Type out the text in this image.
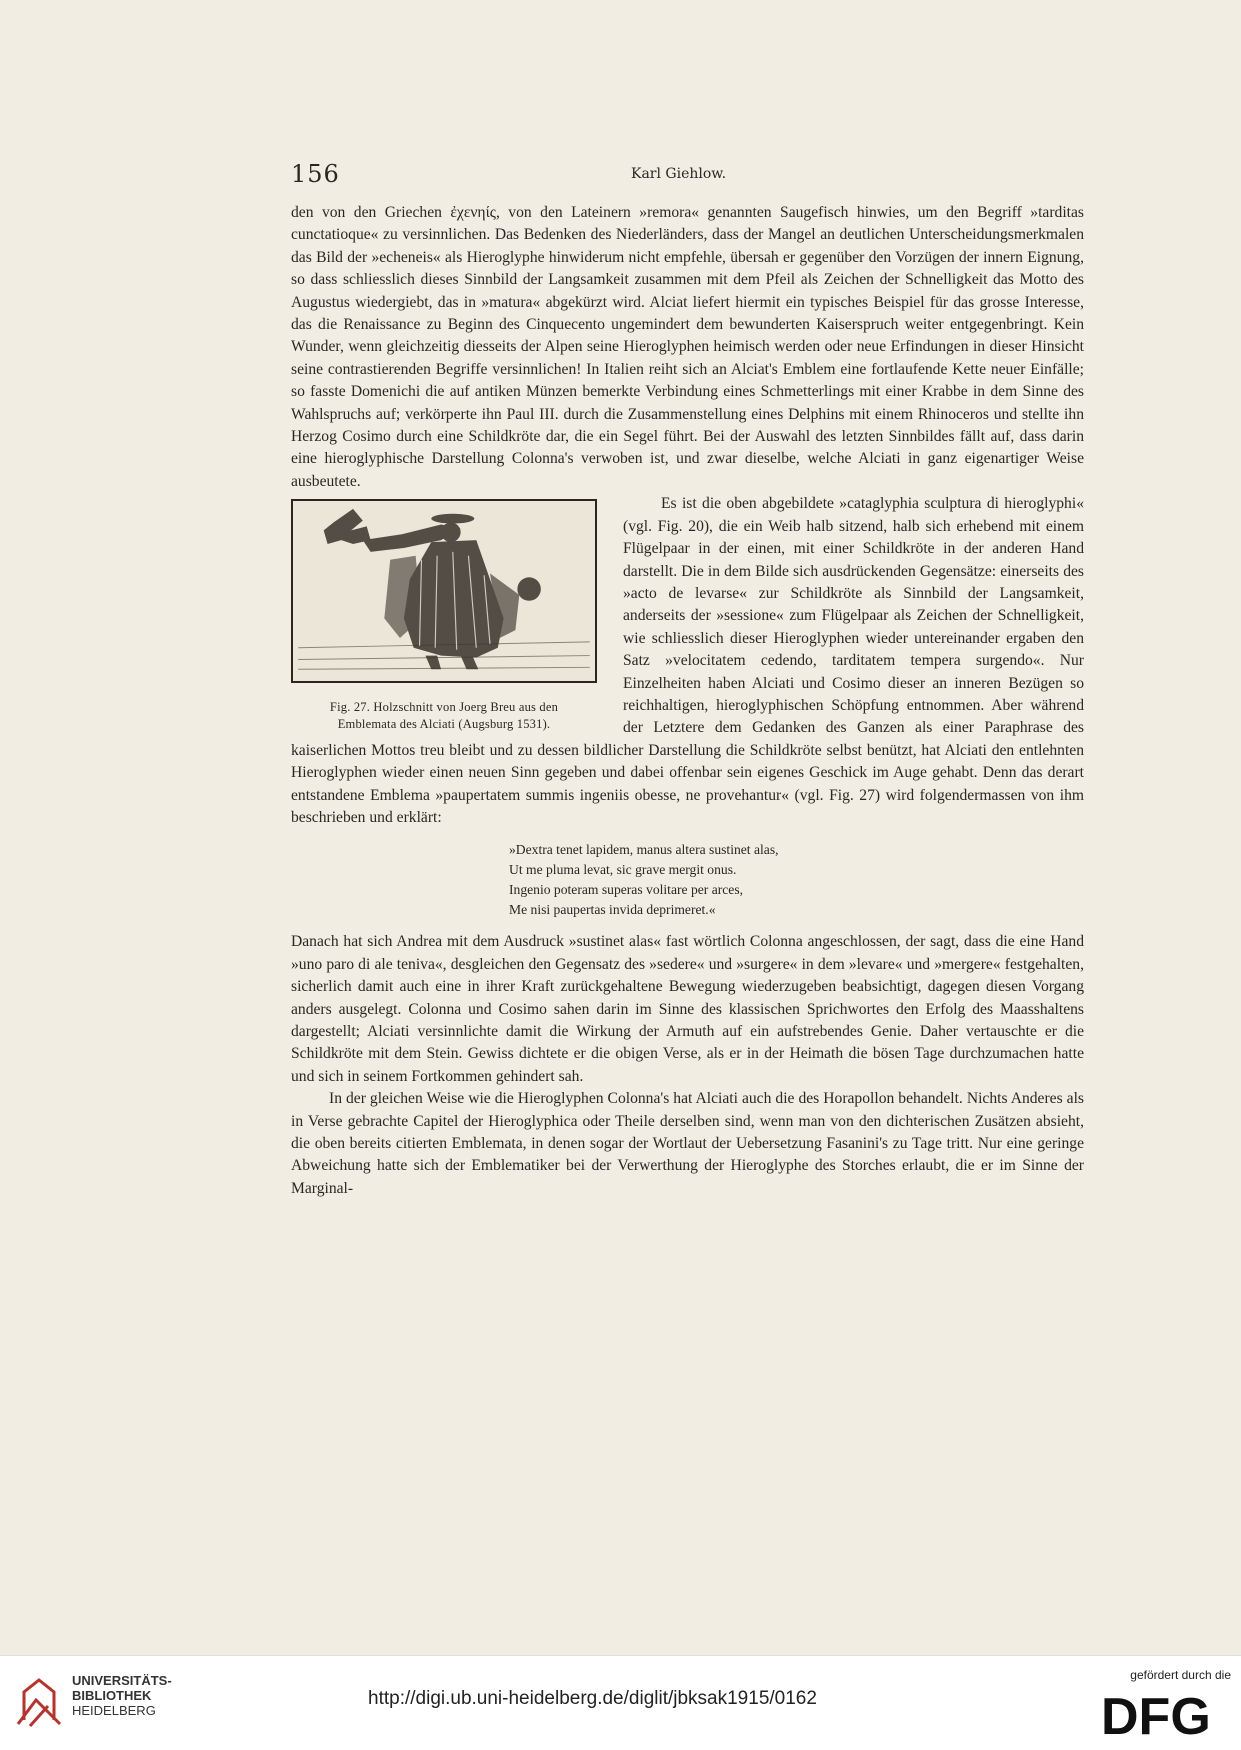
156	Karl Giehlow.

den von den Griechen ἐχενηίς, von den Lateinern »remora« genannten Saugefisch hinwies, um den Begriff »tarditas cunctatioque« zu versinnlichen. Das Bedenken des Niederländers, dass der Mangel an deutlichen Unterscheidungsmerkmalen das Bild der »echeneis« als Hieroglyphe hinwiderum nicht empfehle, übersah er gegenüber den Vorzügen der innern Eignung, so dass schliesslich dieses Sinnbild der Langsamkeit zusammen mit dem Pfeil als Zeichen der Schnelligkeit das Motto des Augustus wiedergiebt, das in »matura« abgekürzt wird. Alciat liefert hiermit ein typisches Beispiel für das grosse Interesse, das die Renaissance zu Beginn des Cinquecento ungemindert dem bewunderten Kaiserspruch weiter entgegenbringt. Kein Wunder, wenn gleichzeitig diesseits der Alpen seine Hieroglyphen heimisch werden oder neue Erfindungen in dieser Hinsicht seine contrastierenden Begriffe versinnlichen! In Italien reiht sich an Alciat's Emblem eine fortlaufende Kette neuer Einfälle; so fasste Domenichi die auf antiken Münzen bemerkte Verbindung eines Schmetterlings mit einer Krabbe in dem Sinne des Wahlspruchs auf; verkörperte ihn Paul III. durch die Zusammenstellung eines Delphins mit einem Rhinoceros und stellte ihn Herzog Cosimo durch eine Schildkröte dar, die ein Segel führt. Bei der Auswahl des letzten Sinnbildes fällt auf, dass darin eine hieroglyphische Darstellung Colonna's verwoben ist, und zwar dieselbe, welche Alciati in ganz eigenartiger Weise ausbeutete.

Fig. 27. Holzschnitt von Joerg Breu aus den
Emblemata des Alciati (Augsburg 1531).

Es ist die oben abgebildete »cataglyphia sculptura di hieroglyphi« (vgl. Fig. 20), die ein Weib halb sitzend, halb sich erhebend mit einem Flügelpaar in der einen, mit einer Schildkröte in der anderen Hand darstellt. Die in dem Bilde sich ausdrückenden Gegensätze: einerseits des »acto de levarse« zur Schildkröte als Sinnbild der Langsamkeit, anderseits der »sessione« zum Flügelpaar als Zeichen der Schnelligkeit, wie schliesslich dieser Hieroglyphen wieder untereinander ergaben den Satz »velocitatem cedendo, tarditatem tempera surgendo«. Nur Einzelheiten haben Alciati und Cosimo dieser an inneren Bezügen so reichhaltigen, hieroglyphischen Schöpfung entnommen. Aber während der Letztere dem Gedanken des Ganzen als einer Paraphrase des kaiserlichen Mottos treu bleibt und zu dessen bildlicher Darstellung die Schildkröte selbst benützt, hat Alciati den entlehnten Hieroglyphen wieder einen neuen Sinn gegeben und dabei offenbar sein eigenes Geschick im Auge gehabt. Denn das derart entstandene Emblema »paupertatem summis ingeniis obesse, ne provehantur« (vgl. Fig. 27) wird folgendermassen von ihm beschrieben und erklärt:

»Dextra tenet lapidem, manus altera sustinet alas,
Ut me pluma levat, sic grave mergit onus.
Ingenio poteram superas volitare per arces,
Me nisi paupertas invida deprimeret.«

Danach hat sich Andrea mit dem Ausdruck »sustinet alas« fast wörtlich Colonna angeschlossen, der sagt, dass die eine Hand »uno paro di ale teniva«, desgleichen den Gegensatz des »sedere« und »surgere« in dem »levare« und »mergere« festgehalten, sicherlich damit auch eine in ihrer Kraft zurückgehaltene Bewegung wiederzugeben beabsichtigt, dagegen diesen Vorgang anders ausgelegt. Colonna und Cosimo sahen darin im Sinne des klassischen Sprichwortes den Erfolg des Maasshaltens dargestellt; Alciati versinnlichte damit die Wirkung der Armuth auf ein aufstrebendes Genie. Daher vertauschte er die Schildkröte mit dem Stein. Gewiss dichtete er die obigen Verse, als er in der Heimath die bösen Tage durchzumachen hatte und sich in seinem Fortkommen gehindert sah.

In der gleichen Weise wie die Hieroglyphen Colonna's hat Alciati auch die des Horapollon behandelt. Nichts Anderes als in Verse gebrachte Capitel der Hieroglyphica oder Theile derselben sind, wenn man von den dichterischen Zusätzen absieht, die oben bereits citierten Emblemata, in denen sogar der Wortlaut der Uebersetzung Fasanini's zu Tage tritt. Nur eine geringe Abweichung hatte sich der Emblematiker bei der Verwerthung der Hieroglyphe des Storches erlaubt, die er im Sinne der Marginal-

UNIVERSITÄTS-
BIBLIOTHEK
HEIDELBERG
http://digi.ub.uni-heidelberg.de/diglit/jbksak1915/0162
gefördert durch die
DFG
